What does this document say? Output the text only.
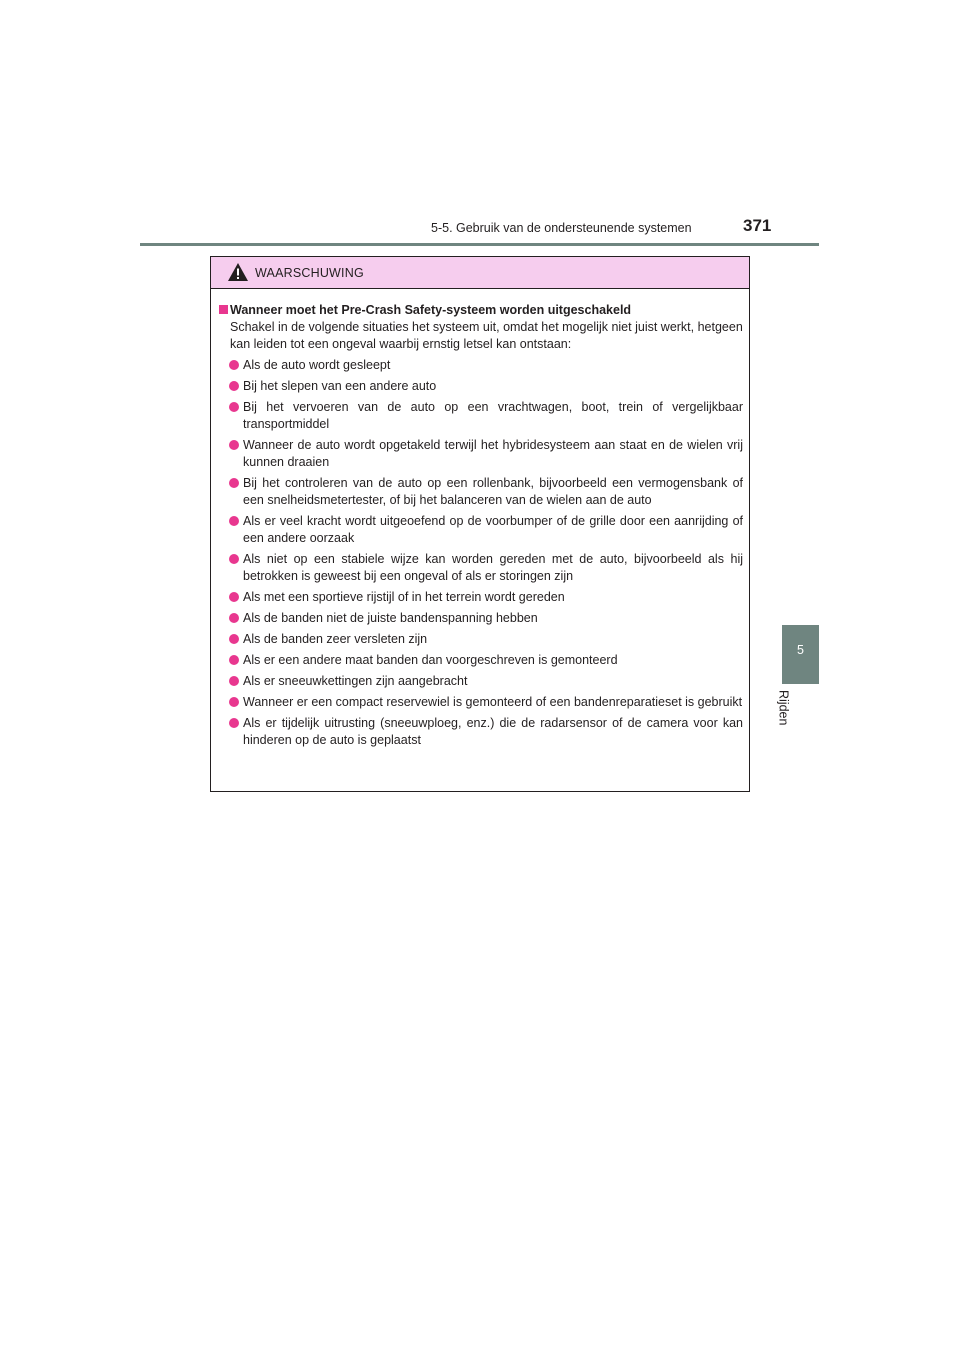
5-5. Gebruik van de ondersteunende systemen	371
5
Rijden
WAARSCHUWING
Wanneer moet het Pre-Crash Safety-systeem worden uitgeschakeld
Schakel in de volgende situaties het systeem uit, omdat het mogelijk niet juist werkt, hetgeen kan leiden tot een ongeval waarbij ernstig letsel kan ontstaan:
Als de auto wordt gesleept
Bij het slepen van een andere auto
Bij het vervoeren van de auto op een vrachtwagen, boot, trein of vergelijkbaar transportmiddel
Wanneer de auto wordt opgetakeld terwijl het hybridesysteem aan staat en de wielen vrij kunnen draaien
Bij het controleren van de auto op een rollenbank, bijvoorbeeld een vermogensbank of een snelheidsmetertester, of bij het balanceren van de wielen aan de auto
Als er veel kracht wordt uitgeoefend op de voorbumper of de grille door een aanrijding of een andere oorzaak
Als niet op een stabiele wijze kan worden gereden met de auto, bijvoorbeeld als hij betrokken is geweest bij een ongeval of als er storingen zijn
Als met een sportieve rijstijl of in het terrein wordt gereden
Als de banden niet de juiste bandenspanning hebben
Als de banden zeer versleten zijn
Als er een andere maat banden dan voorgeschreven is gemonteerd
Als er sneeuwkettingen zijn aangebracht
Wanneer er een compact reservewiel is gemonteerd of een bandenreparatieset is gebruikt
Als er tijdelijk uitrusting (sneeuwploeg, enz.) die de radarsensor of de camera voor kan hinderen op de auto is geplaatst
